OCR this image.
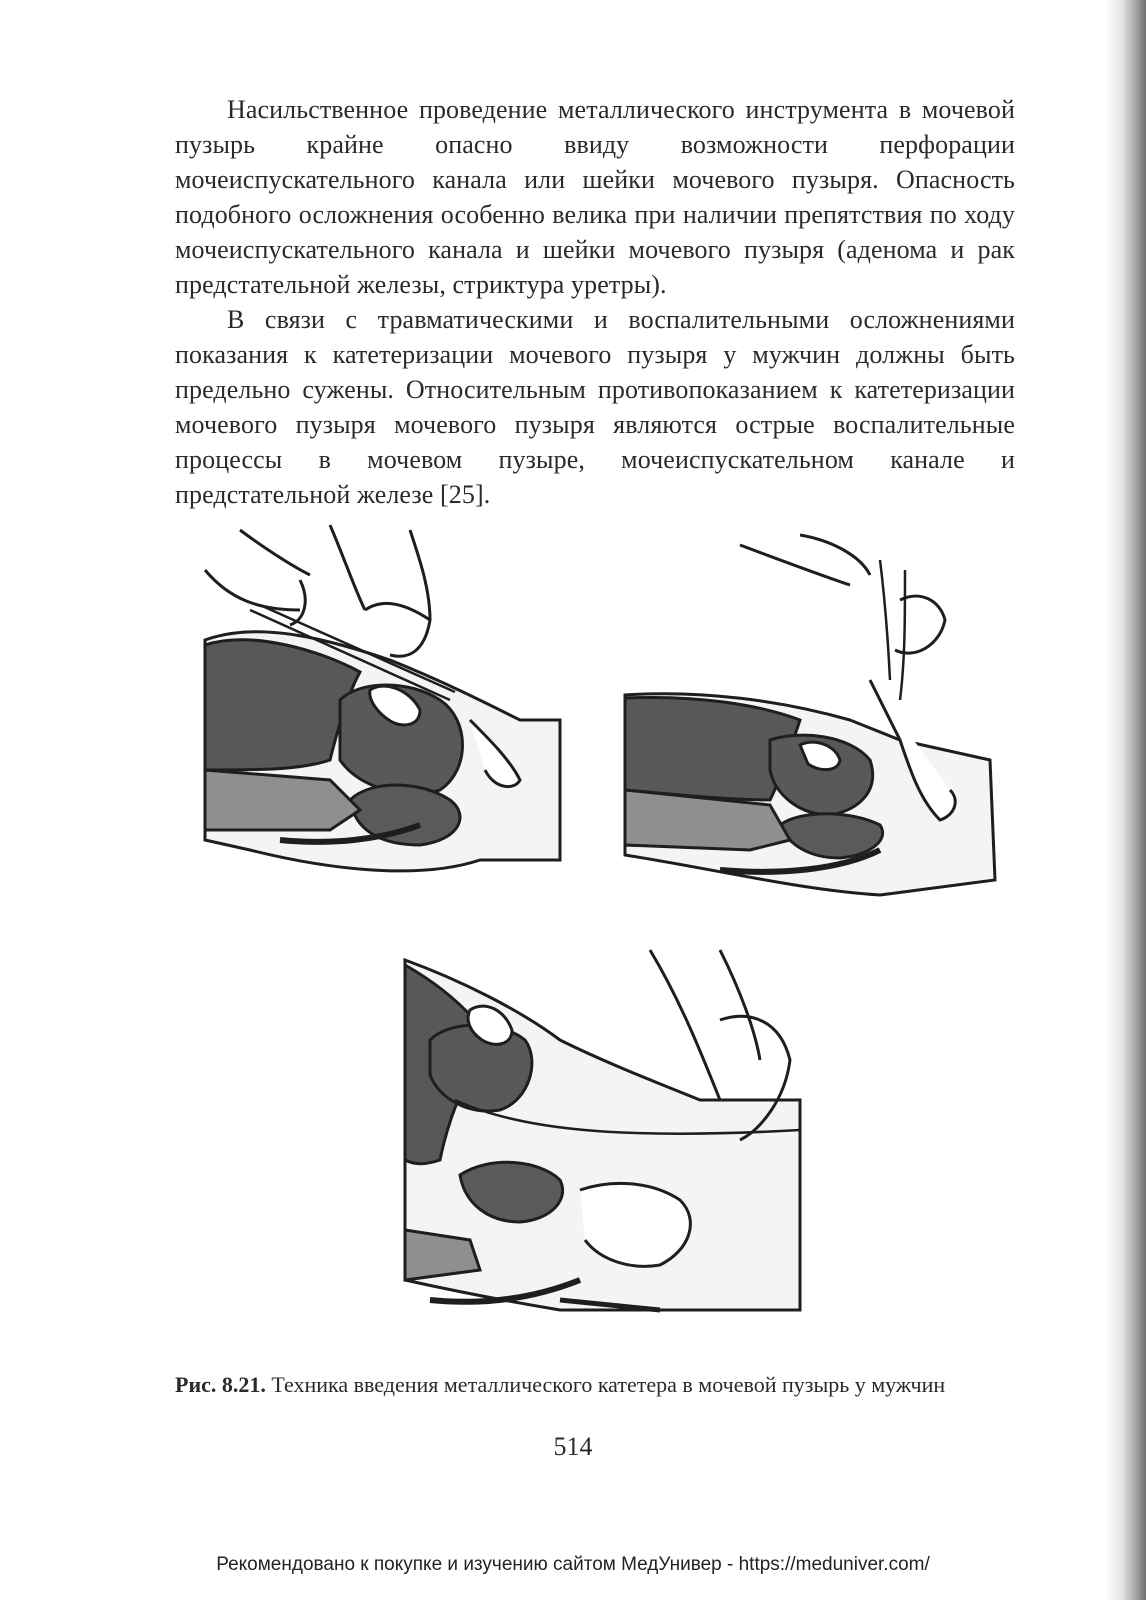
Насильственное проведение металлического инструмента в мочевой пузырь крайне опасно ввиду возможности перфорации мочеиспускательного канала или шейки мочевого пузыря. Опасность подобного осложнения особенно велика при наличии препятствия по ходу мочеиспускательного канала и шейки мочевого пузыря (аденома и рак предстательной железы, стриктура уретры).

В связи с травматическими и воспалительными осложнениями показания к катетеризации мочевого пузыря у мужчин должны быть предельно сужены. Относительным противопоказанием к катетеризации мочевого пузыря мочевого пузыря являются острые воспалительные процессы в мочевом пузыре, мочеиспускательном канале и предстательной железе [25].

Рис. 8.21. Техника введения металлического катетера в мочевой пузырь у мужчин
514
Рекомендовано к покупке и изучению сайтом МедУнивер - https://meduniver.com/
